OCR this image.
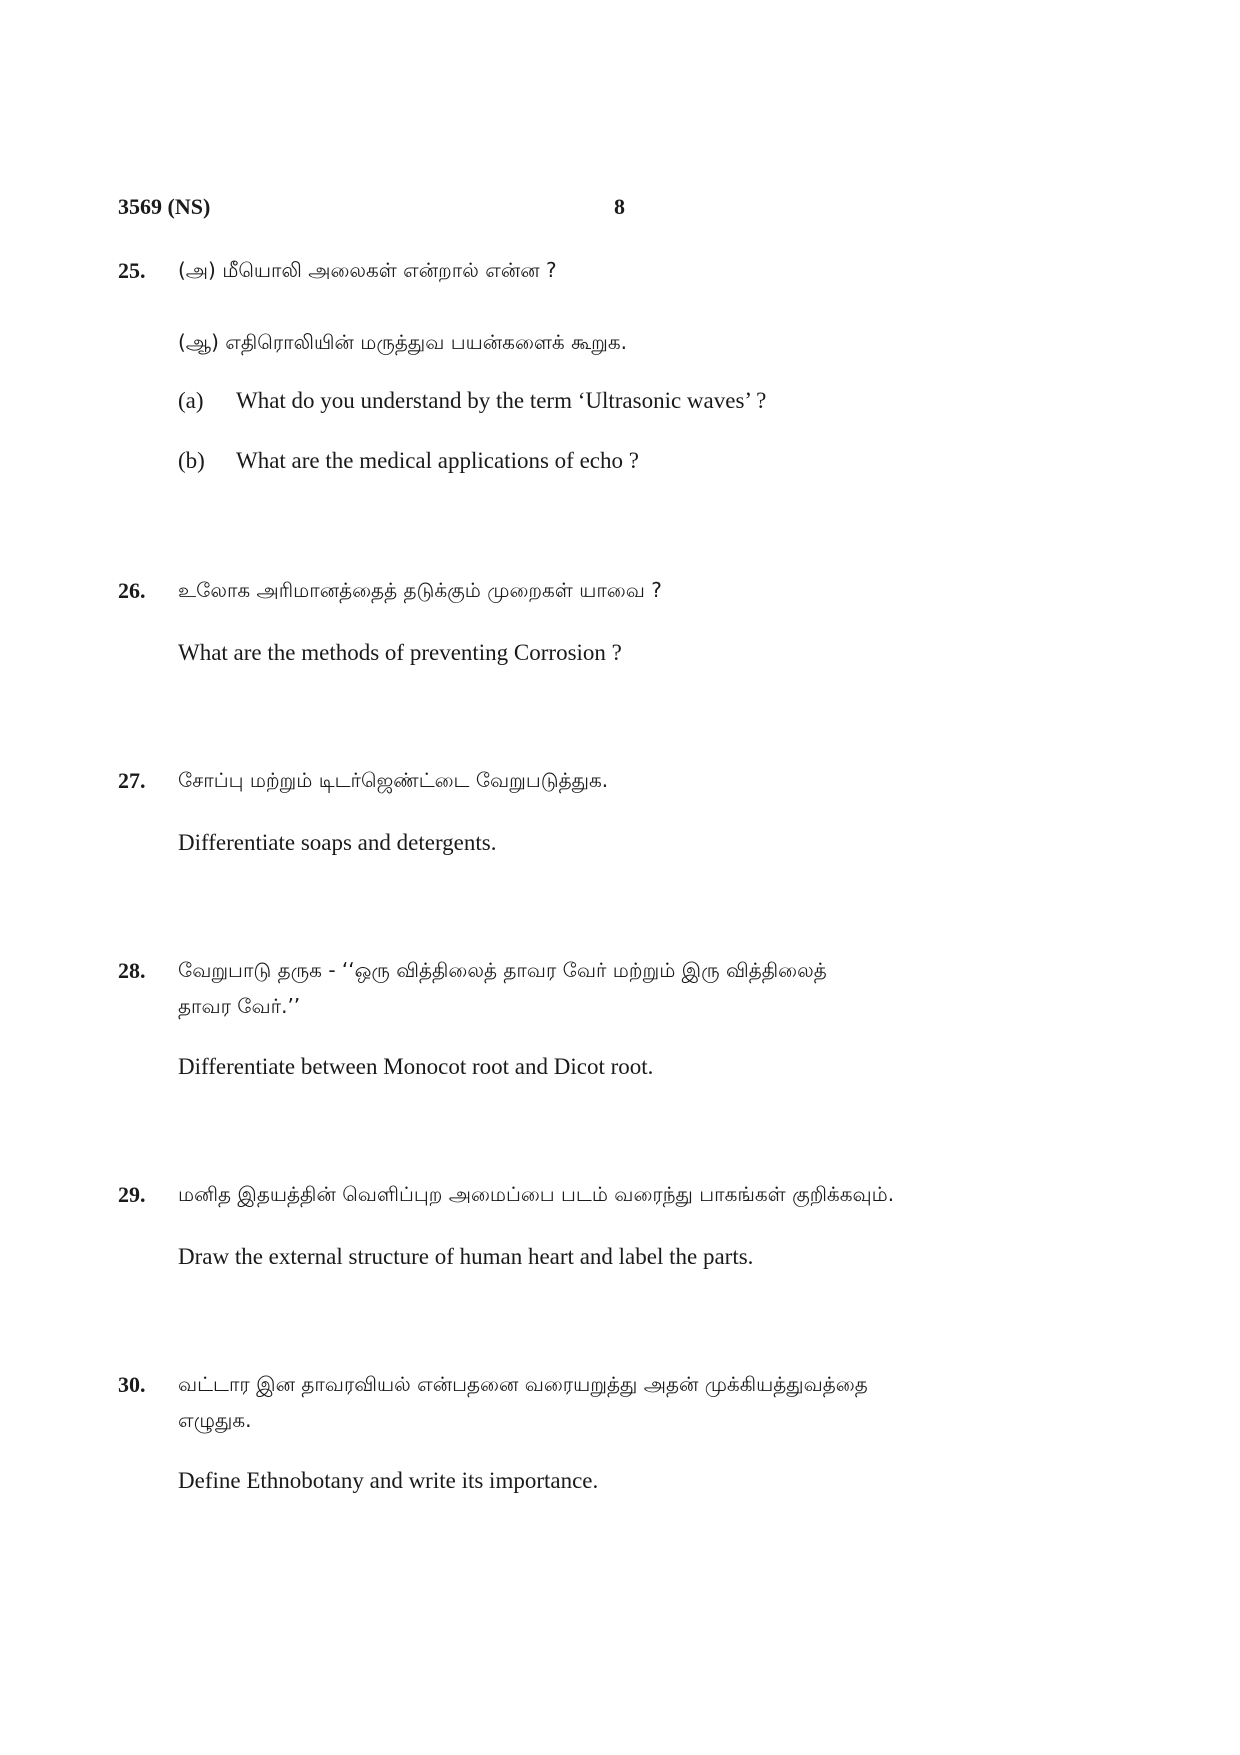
3569 (NS)	8
25. (அ) மீயொலி அலைகள் என்றால் என்ன ?
(ஆ) எதிரொலியின் மருத்துவ பயன்களைக் கூறுக.
(a) What do you understand by the term ‘Ultrasonic waves’ ?
(b) What are the medical applications of echo ?
26. உலோக அரிமானத்தைத் தடுக்கும் முறைகள் யாவை ?
What are the methods of preventing Corrosion ?
27. சோப்பு மற்றும் டிடர்ஜெண்ட்டை வேறுபடுத்துக.
Differentiate soaps and detergents.
28. வேறுபாடு தருக - ‘‘ஒரு வித்திலைத் தாவர வேர் மற்றும் இரு வித்திலைத்
தாவர வேர்.’’
Differentiate between Monocot root and Dicot root.
29. மனித இதயத்தின் வெளிப்புற அமைப்பை படம் வரைந்து பாகங்கள் குறிக்கவும்.
Draw the external structure of human heart and label the parts.
30. வட்டார இன தாவரவியல் என்பதனை வரையறுத்து அதன் முக்கியத்துவத்தை
எழுதுக.
Define Ethnobotany and write its importance.
